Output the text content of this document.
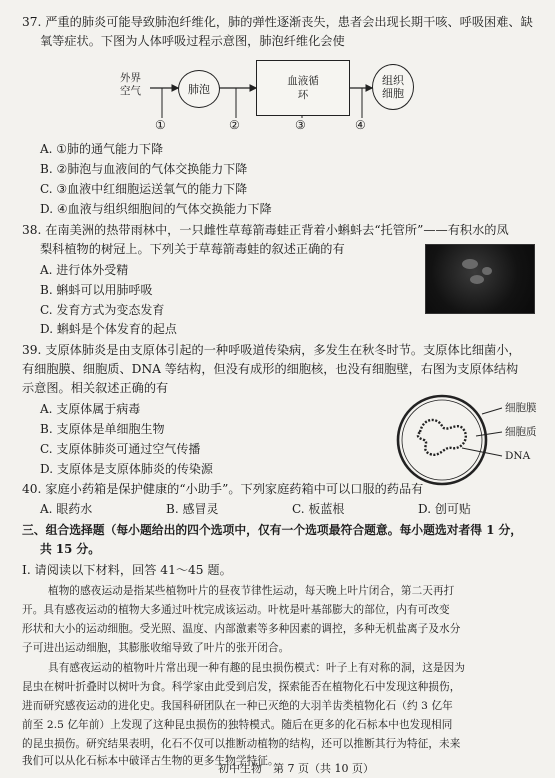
37. 严重的肺炎可能导致肺泡纤维化，肺的弹性逐渐丧失，患者会出现长期干咳、呼吸困难、缺
氧等症状。下图为人体呼吸过程示意图，肺泡纤维化会使
外界空气	肺泡
血液循环
组织细胞
①	②	③	④
A. ①肺的通气能力下降
B. ②肺泡与血液间的气体交换能力下降
C. ③血液中红细胞运送氧气的能力下降
D. ④血液与组织细胞间的气体交换能力下降
38. 在南美洲的热带雨林中，一只雌性草莓箭毒蛙正背着小蝌蚪去“托管所”——有积水的凤
梨科植物的树冠上。下列关于草莓箭毒蛙的叙述正确的有
A. 进行体外受精
B. 蝌蚪可以用肺呼吸
C. 发育方式为变态发育
D. 蝌蚪是个体发育的起点
39. 支原体肺炎是由支原体引起的一种呼吸道传染病，多发生在秋冬时节。支原体比细菌小，
有细胞膜、细胞质、DNA 等结构，但没有成形的细胞核，也没有细胞壁，右图为支原体结构
示意图。相关叙述正确的有
A. 支原体属于病毒
B. 支原体是单细胞生物
C. 支原体肺炎可通过空气传播
D. 支原体是支原体肺炎的传染源
细胞膜
细胞质
DNA
40. 家庭小药箱是保护健康的“小助手”。下列家庭药箱中可以口服的药品有
A. 眼药水	B. 感冒灵	C. 板蓝根	D. 创可贴
三、组合选择题（每小题给出的四个选项中，仅有一个选项最符合题意。每小题选对者得 1 分，
共 15 分。
Ⅰ. 请阅读以下材料，回答 41～45 题。
植物的感夜运动是指某些植物叶片的昼夜节律性运动，每天晚上叶片闭合，第二天再打
开。具有感夜运动的植物大多通过叶枕完成该运动。叶枕是叶基部膨大的部位，内有可改变
形状和大小的运动细胞。受光照、温度、内部激素等多种因素的调控，多种无机盐离子及水分
子可进出运动细胞，其膨胀收缩导致了叶片的张开闭合。
具有感夜运动的植物叶片常出现一种有趣的昆虫损伤模式：叶子上有对称的洞，这是因为
昆虫在树叶折叠时以树叶为食。科学家由此受到启发，探索能否在植物化石中发现这种损伤，
进而研究感夜运动的进化史。我国科研团队在一种已灭绝的大羽羊齿类植物化石（约 3 亿年
前至 2.5 亿年前）上发现了这种昆虫损伤的独特模式。随后在更多的化石标本中也发现相同
的昆虫损伤。研究结果表明，化石不仅可以推断动植物的结构，还可以推断其行为特征，未来
我们可以从化石标本中破译古生物的更多生物学特征。
初中生物　第 7 页（共 10 页）
